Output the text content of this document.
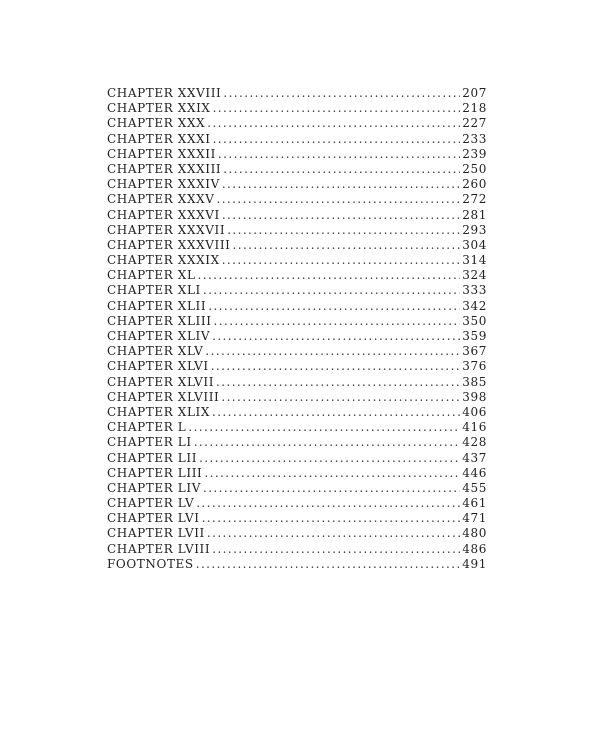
CHAPTER XXVIII .....	207
CHAPTER XXIX .....	218
CHAPTER XXX .....	227
CHAPTER XXXI .....	233
CHAPTER XXXII .....	239
CHAPTER XXXIII .....	250
CHAPTER XXXIV .....	260
CHAPTER XXXV .....	272
CHAPTER XXXVI .....	281
CHAPTER XXXVII .....	293
CHAPTER XXXVIII .....	304
CHAPTER XXXIX .....	314
CHAPTER XL .....	324
CHAPTER XLI .....	333
CHAPTER XLII .....	342
CHAPTER XLIII .....	350
CHAPTER XLIV .....	359
CHAPTER XLV .....	367
CHAPTER XLVI .....	376
CHAPTER XLVII .....	385
CHAPTER XLVIII .....	398
CHAPTER XLIX .....	406
CHAPTER L .....	416
CHAPTER LI .....	428
CHAPTER LII .....	437
CHAPTER LIII .....	446
CHAPTER LIV .....	455
CHAPTER LV .....	461
CHAPTER LVI .....	471
CHAPTER LVII .....	480
CHAPTER LVIII .....	486
FOOTNOTES .....	491
